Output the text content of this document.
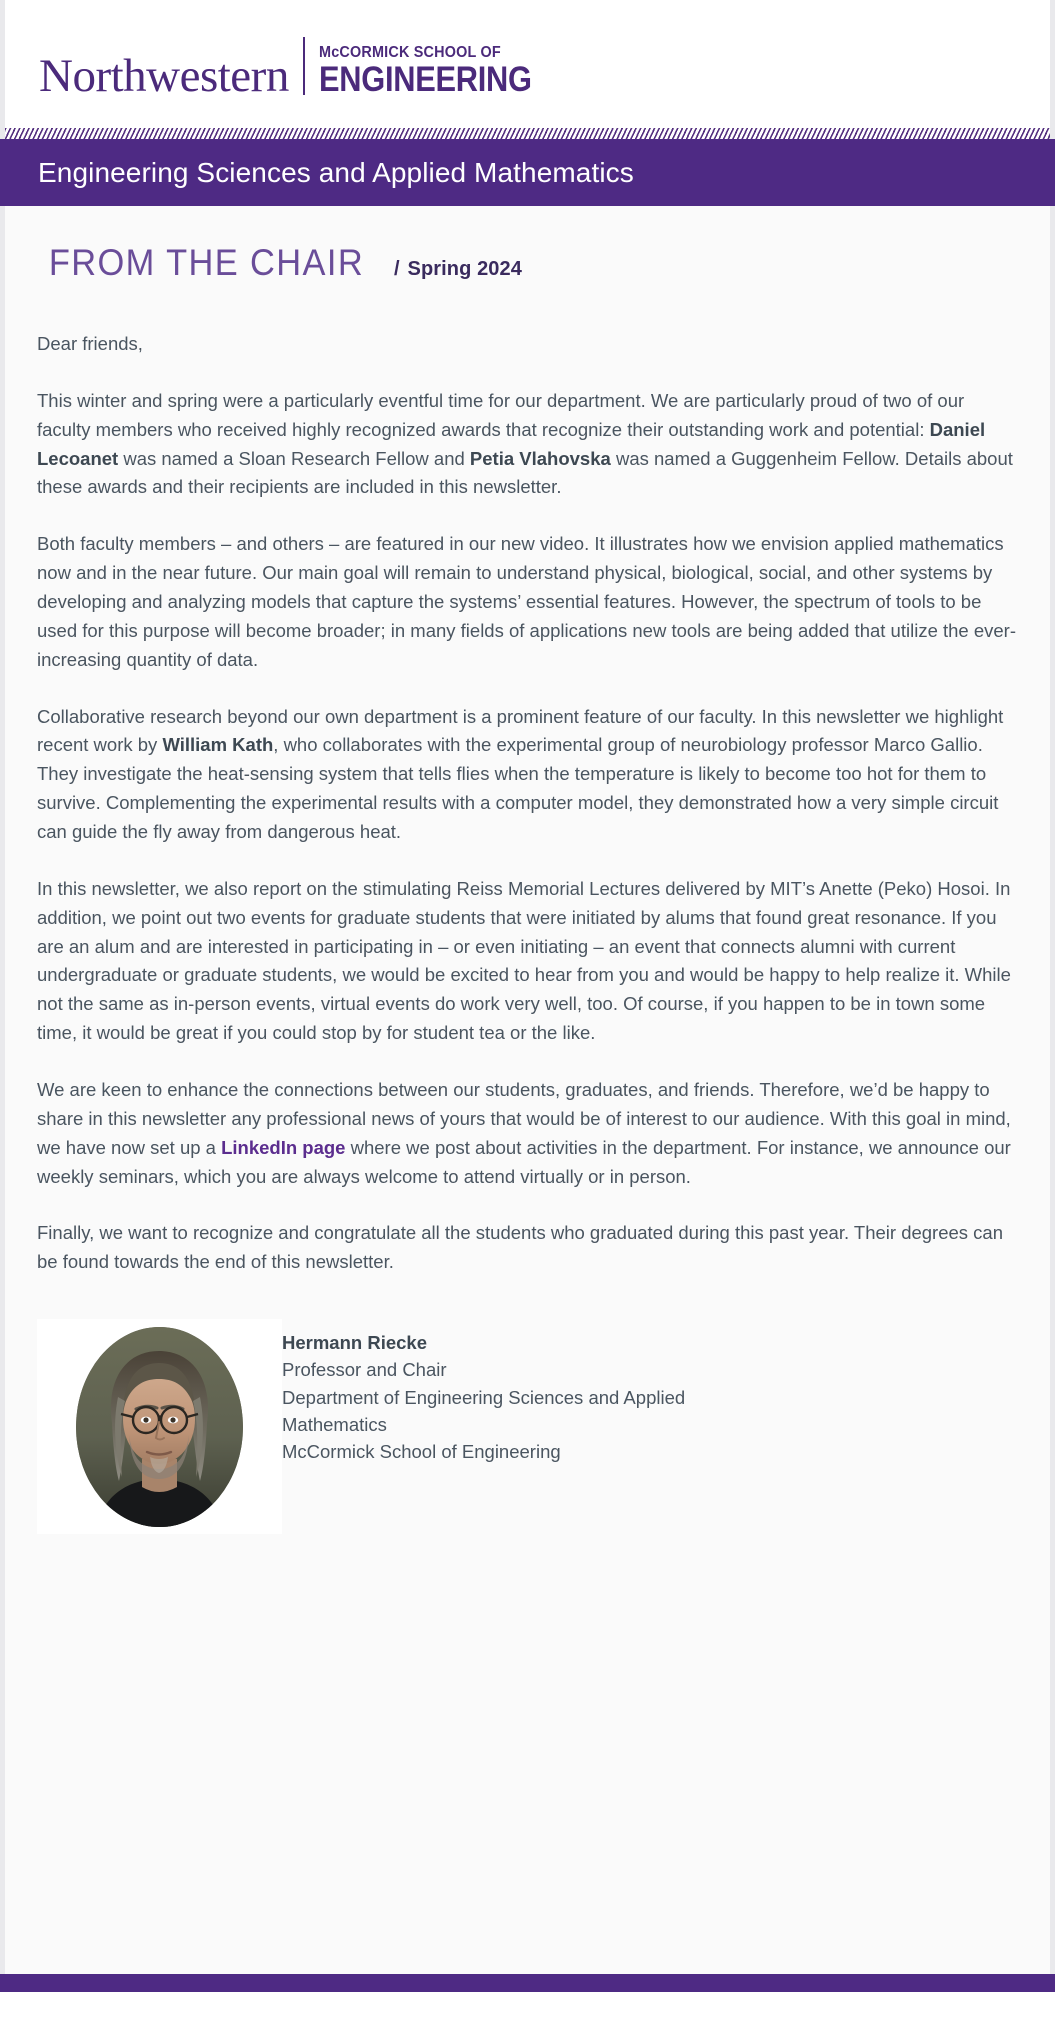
Northwestern	McCORMICK SCHOOL OF
ENGINEERING
Engineering Sciences and Applied Mathematics
FROM THE CHAIR / Spring 2024

Dear friends,

This winter and spring were a particularly eventful time for our department. We are particularly proud of two of our faculty members who received highly recognized awards that recognize their outstanding work and potential: Daniel Lecoanet was named a Sloan Research Fellow and Petia Vlahovska was named a Guggenheim Fellow. Details about these awards and their recipients are included in this newsletter.

Both faculty members – and others – are featured in our new video. It illustrates how we envision applied mathematics now and in the near future. Our main goal will remain to understand physical, biological, social, and other systems by developing and analyzing models that capture the systems’ essential features. However, the spectrum of tools to be used for this purpose will become broader; in many fields of applications new tools are being added that utilize the ever-increasing quantity of data.

Collaborative research beyond our own department is a prominent feature of our faculty. In this newsletter we highlight recent work by William Kath, who collaborates with the experimental group of neurobiology professor Marco Gallio. They investigate the heat-sensing system that tells flies when the temperature is likely to become too hot for them to survive. Complementing the experimental results with a computer model, they demonstrated how a very simple circuit can guide the fly away from dangerous heat.

In this newsletter, we also report on the stimulating Reiss Memorial Lectures delivered by MIT’s Anette (Peko) Hosoi. In addition, we point out two events for graduate students that were initiated by alums that found great resonance. If you are an alum and are interested in participating in – or even initiating – an event that connects alumni with current undergraduate or graduate students, we would be excited to hear from you and would be happy to help realize it. While not the same as in-person events, virtual events do work very well, too. Of course, if you happen to be in town some time, it would be great if you could stop by for student tea or the like.

We are keen to enhance the connections between our students, graduates, and friends. Therefore, we’d be happy to share in this newsletter any professional news of yours that would be of interest to our audience. With this goal in mind, we have now set up a LinkedIn page where we post about activities in the department. For instance, we announce our weekly seminars, which you are always welcome to attend virtually or in person.

Finally, we want to recognize and congratulate all the students who graduated during this past year. Their degrees can be found towards the end of this newsletter.

Hermann Riecke
Professor and Chair
Department of Engineering Sciences and Applied
Mathematics
McCormick School of Engineering
